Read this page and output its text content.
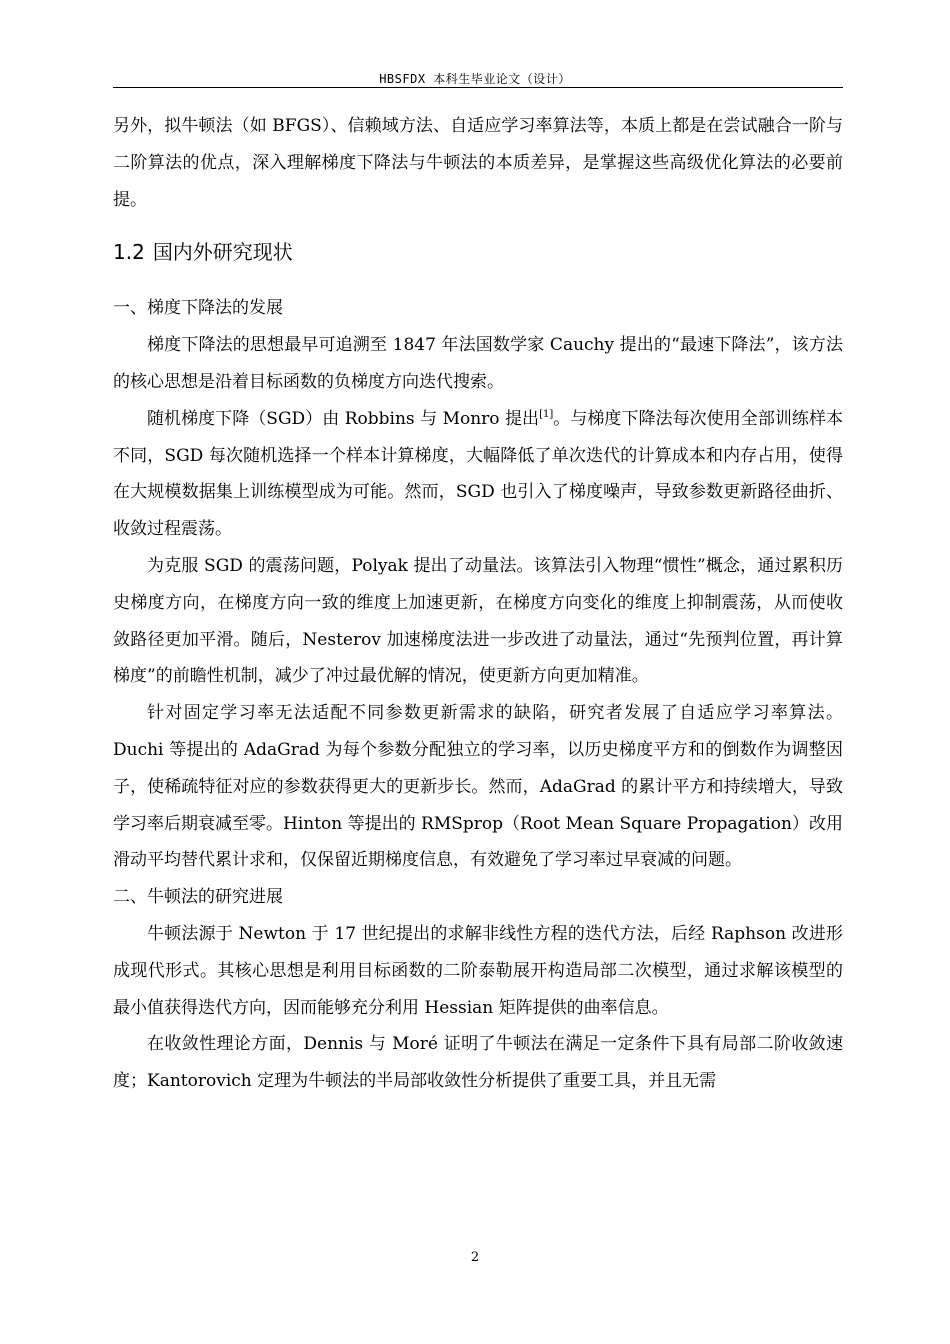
HBSFDX 本科生毕业论文（设计）

另外，拟牛顿法（如 BFGS）、信赖域方法、自适应学习率算法等，本质上都是在尝试融合一阶与二阶算法的优点，深入理解梯度下降法与牛顿法的本质差异，是掌握这些高级优化算法的必要前提。

1.2 国内外研究现状

一、梯度下降法的发展

梯度下降法的思想最早可追溯至 1847 年法国数学家 Cauchy 提出的“最速下降法”，该方法的核心思想是沿着目标函数的负梯度方向迭代搜索。

随机梯度下降（SGD）由 Robbins 与 Monro 提出[1]。与梯度下降法每次使用全部训练样本不同，SGD 每次随机选择一个样本计算梯度，大幅降低了单次迭代的计算成本和内存占用，使得在大规模数据集上训练模型成为可能。然而，SGD 也引入了梯度噪声，导致参数更新路径曲折、收敛过程震荡。

为克服 SGD 的震荡问题，Polyak 提出了动量法。该算法引入物理“惯性”概念，通过累积历史梯度方向，在梯度方向一致的维度上加速更新，在梯度方向变化的维度上抑制震荡，从而使收敛路径更加平滑。随后，Nesterov 加速梯度法进一步改进了动量法，通过“先预判位置，再计算梯度”的前瞻性机制，减少了冲过最优解的情况，使更新方向更加精准。

针对固定学习率无法适配不同参数更新需求的缺陷，研究者发展了自适应学习率算法。Duchi 等提出的 AdaGrad 为每个参数分配独立的学习率，以历史梯度平方和的倒数作为调整因子，使稀疏特征对应的参数获得更大的更新步长。然而，AdaGrad 的累计平方和持续增大，导致学习率后期衰减至零。Hinton 等提出的 RMSprop（Root Mean Square Propagation）改用滑动平均替代累计求和，仅保留近期梯度信息，有效避免了学习率过早衰减的问题。

二、牛顿法的研究进展

牛顿法源于 Newton 于 17 世纪提出的求解非线性方程的迭代方法，后经 Raphson 改进形成现代形式。其核心思想是利用目标函数的二阶泰勒展开构造局部二次模型，通过求解该模型的最小值获得迭代方向，因而能够充分利用 Hessian 矩阵提供的曲率信息。

在收敛性理论方面，Dennis 与 Moré 证明了牛顿法在满足一定条件下具有局部二阶收敛速度；Kantorovich 定理为牛顿法的半局部收敛性分析提供了重要工具，并且无需

2
